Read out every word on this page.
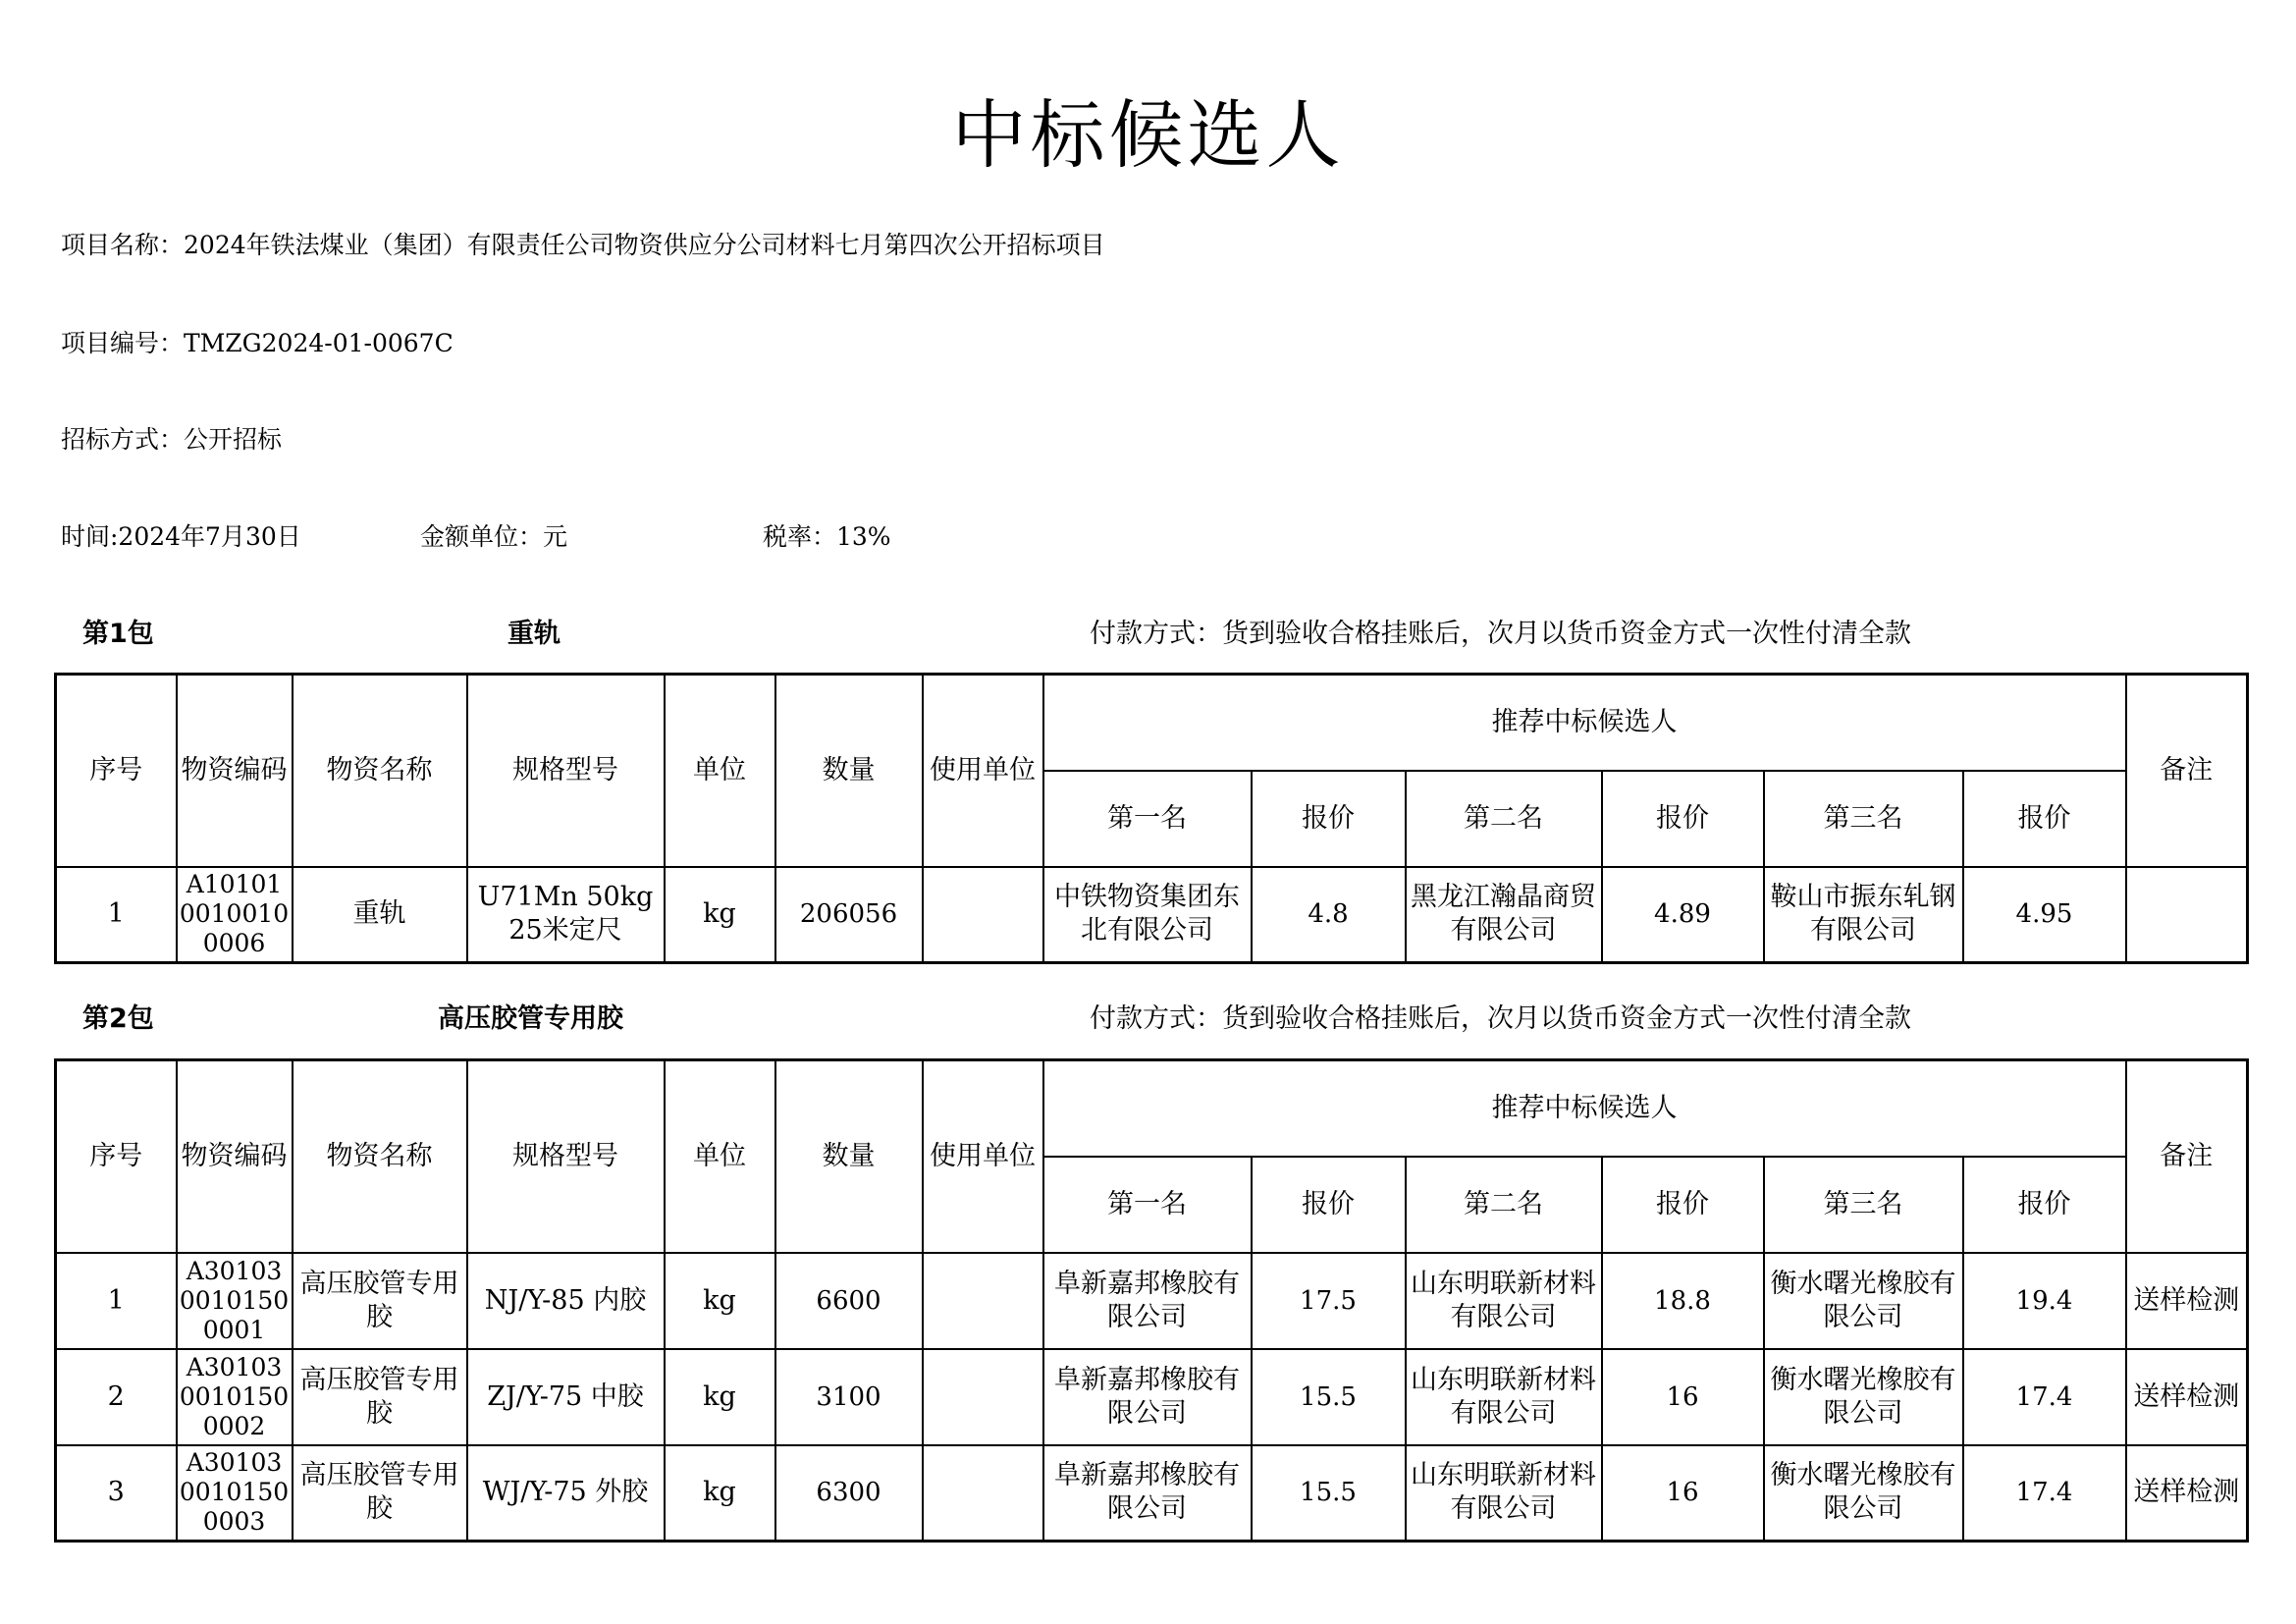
中标候选人
项目名称：2024年铁法煤业（集团）有限责任公司物资供应分公司材料七月第四次公开招标项目
项目编号：TMZG2024-01-0067C
招标方式：公开招标
时间:2024年7月30日	金额单位：元	税率：13%
第1包	重轨	付款方式：货到验收合格挂账后，次月以货币资金方式一次性付清全款
序号	物资编码	物资名称	规格型号	单位	数量	使用单位	推荐中标候选人						备注
							第一名	报价	第二名	报价	第三名	报价	
1	A1010100100100006	重轨	U71Mn 50kg 25米定尺	kg	206056		中铁物资集团东北有限公司	4.8	黑龙江瀚晶商贸有限公司	4.89	鞍山市振东轧钢有限公司	4.95	
第2包	高压胶管专用胶	付款方式：货到验收合格挂账后，次月以货币资金方式一次性付清全款
序号	物资编码	物资名称	规格型号	单位	数量	使用单位	推荐中标候选人						备注
							第一名	报价	第二名	报价	第三名	报价	
1	A3010300101500001	高压胶管专用胶	NJ/Y-85 内胶	kg	6600		阜新嘉邦橡胶有限公司	17.5	山东明联新材料有限公司	18.8	衡水曙光橡胶有限公司	19.4	送样检测
2	A3010300101500002	高压胶管专用胶	ZJ/Y-75 中胶	kg	3100		阜新嘉邦橡胶有限公司	15.5	山东明联新材料有限公司	16	衡水曙光橡胶有限公司	17.4	送样检测
3	A3010300101500003	高压胶管专用胶	WJ/Y-75 外胶	kg	6300		阜新嘉邦橡胶有限公司	15.5	山东明联新材料有限公司	16	衡水曙光橡胶有限公司	17.4	送样检测
